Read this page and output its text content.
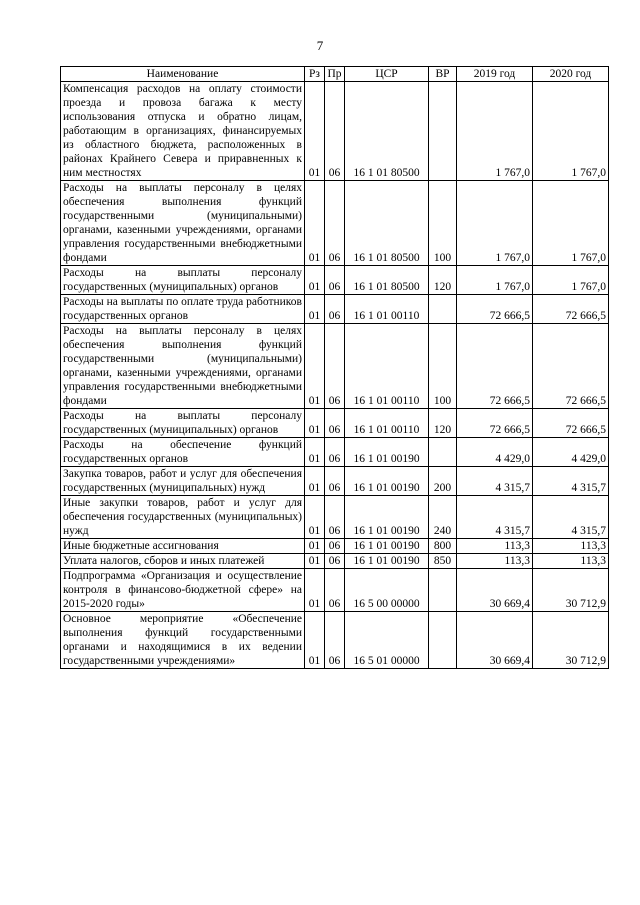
7
Наименование	Рз	Пр	ЦСР	ВР	2019 год	2020 год
Компенсация расходов на оплату стоимости проезда и провоза багажа к месту использования отпуска и обратно лицам, работающим в организациях, финансируемых из областного бюджета, расположенных в районах Крайнего Севера и приравненных к ним местностях	01	06	16 1 01 80500		1 767,0	1 767,0
Расходы на выплаты персоналу в целях обеспечения выполнения функций государственными (муниципальными) органами, казенными учреждениями, органами управления государственными внебюджетными фондами	01	06	16 1 01 80500	100	1 767,0	1 767,0
Расходы на выплаты персоналу государственных (муниципальных) органов	01	06	16 1 01 80500	120	1 767,0	1 767,0
Расходы на выплаты по оплате труда работников государственных органов	01	06	16 1 01 00110		72 666,5	72 666,5
Расходы на выплаты персоналу в целях обеспечения выполнения функций государственными (муниципальными) органами, казенными учреждениями, органами управления государственными внебюджетными фондами	01	06	16 1 01 00110	100	72 666,5	72 666,5
Расходы на выплаты персоналу государственных (муниципальных) органов	01	06	16 1 01 00110	120	72 666,5	72 666,5
Расходы на обеспечение функций государственных органов	01	06	16 1 01 00190		4 429,0	4 429,0
Закупка товаров, работ и услуг для обеспечения государственных (муниципальных) нужд	01	06	16 1 01 00190	200	4 315,7	4 315,7
Иные закупки товаров, работ и услуг для обеспечения государственных (муниципальных) нужд	01	06	16 1 01 00190	240	4 315,7	4 315,7
Иные бюджетные ассигнования	01	06	16 1 01 00190	800	113,3	113,3
Уплата налогов, сборов и иных платежей	01	06	16 1 01 00190	850	113,3	113,3
Подпрограмма «Организация и осуществление контроля в финансово-бюджетной сфере» на 2015-2020 годы»	01	06	16 5 00 00000		30 669,4	30 712,9
Основное мероприятие «Обеспечение выполнения функций государственными органами и находящимися в их ведении государственными учреждениями»	01	06	16 5 01 00000		30 669,4	30 712,9
